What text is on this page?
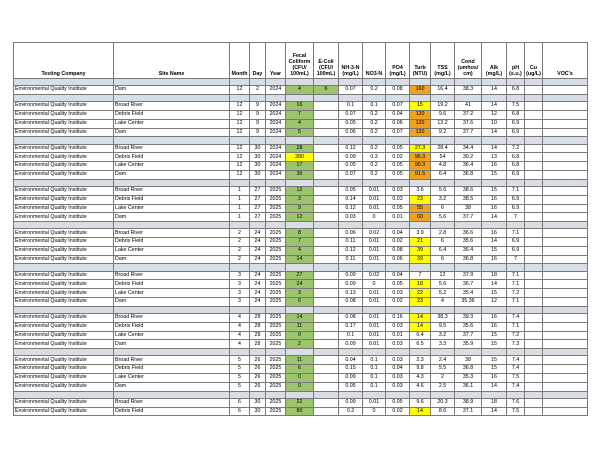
Testing Company	Site Name	Month	Day	Year	Fecal Coliform (CFU/ 100mL)	E-Coli (CFU/ 100mL)	NH-3-N (mg/L)	NO3-N	PO4 (mg/L)	Turb (NTU)	TSS (mg/L)	Cond (umhos/ cm)	Alk (mg/L)	pH (s.u.)	Cu (ug/L)	VOC's

Environmental Quality Institute	Dam	12	2	2024	4	6	0.07	0.2	0.08	160	16.4	38.3	14	6.8		

Environmental Quality Institute	Broad River	12	9	2024	16		0.1	0.1	0.07	15	19.2	41	14	7.5		
Environmental Quality Institute	Debris Field	12	9	2024	7		0.07	0.2	0.04	120	9.6	37.2	12	6.8		
Environmental Quality Institute	Lake Center	12	9	2024	4		0.05	0.2	0.06	120	13.2	37.6	10	6.9		
Environmental Quality Institute	Dam	12	9	2024	5		0.06	0.2	0.07	120	9.2	37.7	14	6.9		

Environmental Quality Institute	Broad River	12	30	2024	28		0.12	0.2	0.05	27.3	28.4	34.4	14	7.2		
Environmental Quality Institute	Debris Field	12	30	2024	280		0.09	0.3	0.02	96.3	54	30.2	13	6.8		
Environmental Quality Institute	Lake Center	12	30	2024	17		0.05	0.2	0.05	90.3	4.8	36.4	16	6.8		
Environmental Quality Institute	Dam	12	30	2024	36		0.07	0.2	0.05	91.5	6.4	36.8	15	6.9		

Environmental Quality Institute	Broad River	1	27	2025	12		0.05	0.01	0.03	3.6	5.6	38.6	15	7.1		
Environmental Quality Institute	Debris Field	1	27	2025	3		0.14	0.01	0.03	23	3.2	38.5	16	6.9		
Environmental Quality Institute	Lake Center	1	27	2025	9		0.12	0.01	0.05	55	6	38	16	6.9		
Environmental Quality Institute	Dam	1	27	2025	12		0.03	0	0.01	60	5.6	37.7	14	7		

Environmental Quality Institute	Broad River	2	24	2025	8		0.06	0.02	0.04	3.9	2.8	36.6	16	7.1		
Environmental Quality Institute	Debris Field	2	24	2025	7		0.11	0.01	0.02	21	6	35.6	14	6.9		
Environmental Quality Institute	Lake Center	2	24	2025	4		0.12	0.01	0.08	39	6.4	36.4	15	6.9		
Environmental Quality Institute	Dam	2	24	2025	14		0.11	0.01	0.06	39	6	36.8	16	7		

Environmental Quality Institute	Broad River	3	24	2025	27		0.09	0.02	0.04	7	12	37.9	18	7.1		
Environmental Quality Institute	Debris Field	3	24	2025	24		0.09	0	0.05	18	5.6	36.7	14	7.1		
Environmental Quality Institute	Lake Center	3	24	2025	3		0.13	0.01	0.03	22	5.2	35.4	15	7.2		
Environmental Quality Institute	Dam	3	24	2025	6		0.08	0.01	0.02	23	4	35.36	12	7.1		

Environmental Quality Institute	Broad River	4	28	2025	14		0.08	0.01	0.16	14	38.3	39.3	16	7.4		
Environmental Quality Institute	Debris Field	4	28	2025	11		0.17	0.01	0.03	14	9.5	35.6	16	7.1		
Environmental Quality Institute	Lake Center	4	28	2025	0		0.1	0.01	0.01	6.4	3.2	37.7	15	7.2		
Environmental Quality Institute	Dam	4	28	2025	2		0.09	0.01	0.03	6.5	3.3	35.9	15	7.3		

Environmental Quality Institute	Broad River	5	26	2025	11		0.04	0.1	0.03	2.3	2.4	38	15	7.4		
Environmental Quality Institute	Debris Field	5	26	2025	6		0.15	0.1	0.04	9.8	5.5	36.8	15	7.4		
Environmental Quality Institute	Lake Center	5	26	2025	0		0.09	0.1	0.03	4.3	2	35.3	16	7.5		
Environmental Quality Institute	Dam	5	26	2025	0		0.05	0.1	0.03	4.6	2.5	36.1	14	7.4		

Environmental Quality Institute	Broad River	6	30	2025	22		0.09	0.01	0.05	9.6	20.3	38.9	18	7.6		
Environmental Quality Institute	Debris Field	6	30	2025	80		0.2	0	0.02	14	8.6	37.1	14	7.5		
